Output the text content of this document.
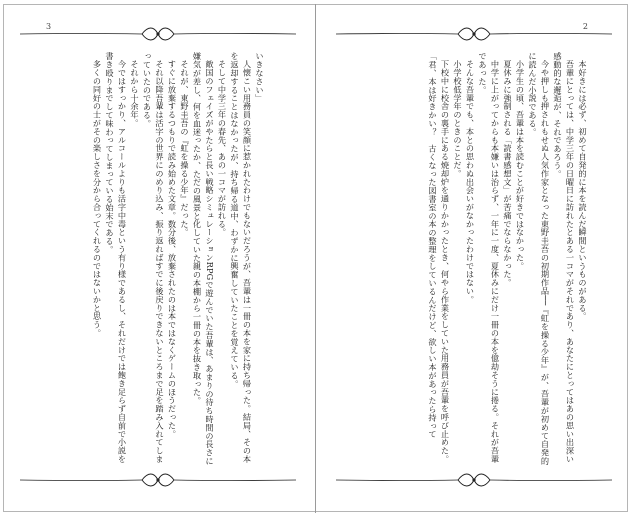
3

いきなさい」

人懐こい用務員の笑顔に惹かれたわけでもないだろうが、吾輩は一冊の本を家に持ち帰った。結局、その本を返却することはなかったが、持ち帰る道中、わずかに興奮していたことを覚えている。

そして中学三年の春先、あの一コマが訪れる。

敵国のフェイズがやたらと長い戦略シミュレーションRPGで遊んでいた吾輩は、あまりの待ち時間の長さに嫌気が差し、何を血迷ったか、ただの風景と化していた親の本棚から一冊の本を抜き取った。

それが、東野圭吾の『虹を操る少年』だった。

すぐに放棄するつもりで読み始めた文章。数分後、放棄されたのは本ではなくゲームのほうだった。

それ以降吾輩は活字の世界にのめり込み、振り返ればすでに後戻りできないところまで足を踏み入れてしまっていたのである。

それから十余年。

今ではすっかり、アルコールよりも活字中毒という有り様であるし、それだけでは飽き足らず自前で小説を書き殴りまでして味わってしまっている始末である。

多くの同好の士がその楽しさを分から合ってくれるのではないかと思う。

2

本好きには必ず、初めて自発的に本を読んだ瞬間というものがある。

吾輩にとっては、中学三年の日曜日に訪れたとある一コマがそれであり、あなたにとってはあの思い出深い感動的な邂逅が、それであろう。

今や押しも押されもせぬ人気作家となった東野圭吾の初期作品──『虹を操る少年』が、吾輩が初めて自発的に読んだ小説である。

小学生の頃、吾輩は本を読むことが好きではなかった。

夏休みに強制される「読書感想文」が苦痛でならなかった。

中学に上がってからも本嫌いは治らず、一年に一度、夏休みにだけ一冊の本を億劫そうに捲る。それが吾輩であった。

そんな吾輩でも、本との思わぬ出会いがなかったわけではない。

小学校低学年のときのことだ。

下校中に校舎の裏手にある焼却炉を通りかかったとき、何やら作業をしていた用務員が吾輩を呼び止めた。

「君、本は好きかい？　古くなった図書室の本の整理をしているんだけど、欲しい本があったら持って
